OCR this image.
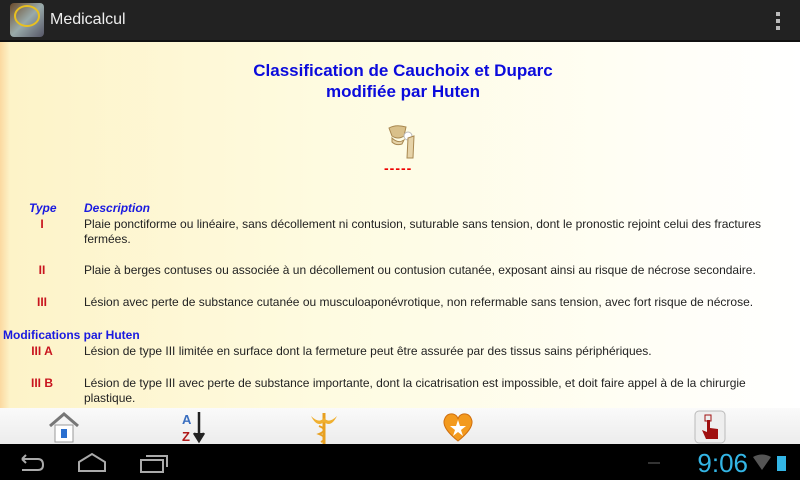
Medicalcul
Classification de Cauchoix et Duparc modifiée par Huten
-----
Type Description
I	Plaie ponctiforme ou linéaire, sans décollement ni contusion, suturable sans tension, dont le pronostic rejoint celui des fractures fermées.
II	Plaie à berges contuses ou associée à un décollement ou contusion cutanée, exposant ainsi au risque de nécrose secondaire.
III	Lésion avec perte de substance cutanée ou musculoaponévrotique, non refermable sans tension, avec fort risque de nécrose.
Modifications par Huten
III A	Lésion de type III limitée en surface dont la fermeture peut être assurée par des tissus sains périphériques.
III B	Lésion de type III avec perte de substance importante, dont la cicatrisation est impossible, et doit faire appel à de la chirurgie plastique.
A
Z
9:06
